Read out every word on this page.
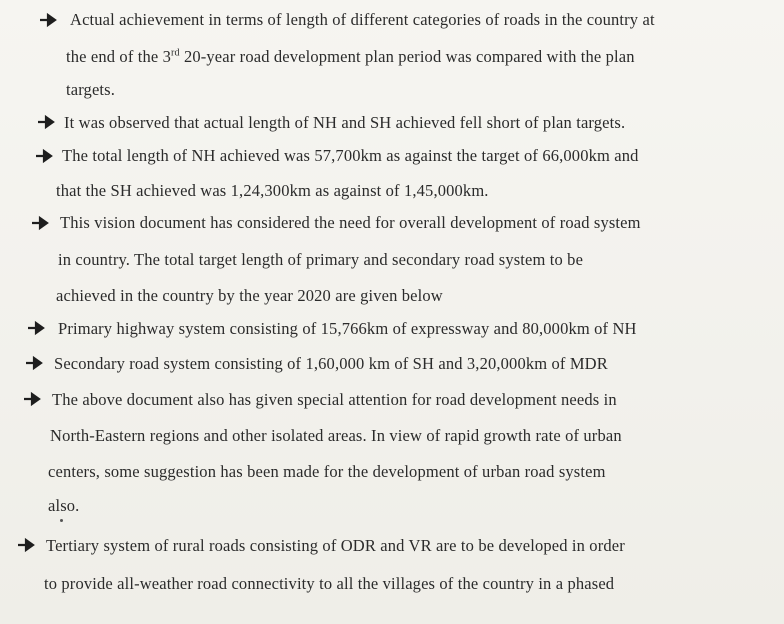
Actual achievement in terms of length of different categories of roads in the country at
the end of the 3rd 20-year road development plan period was compared with the plan
targets.
It was observed that actual length of NH and SH achieved fell short of plan targets.
The total length of NH achieved was 57,700km as against the target of 66,000km and
that the SH achieved was 1,24,300km as against of 1,45,000km.
This vision document has considered the need for overall development of road system
in country. The total target length of primary and secondary road system to be
achieved in the country by the year 2020 are given below
Primary highway system consisting of 15,766km of expressway and 80,000km of NH
Secondary road system consisting of 1,60,000 km of SH and 3,20,000km of MDR
The above document also has given special attention for road development needs in
North-Eastern regions and other isolated areas. In view of rapid growth rate of urban
centers, some suggestion has been made for the development of urban road system
also.
Tertiary system of rural roads consisting of ODR and VR are to be developed in order
to provide all-weather road connectivity to all the villages of the country in a phased
